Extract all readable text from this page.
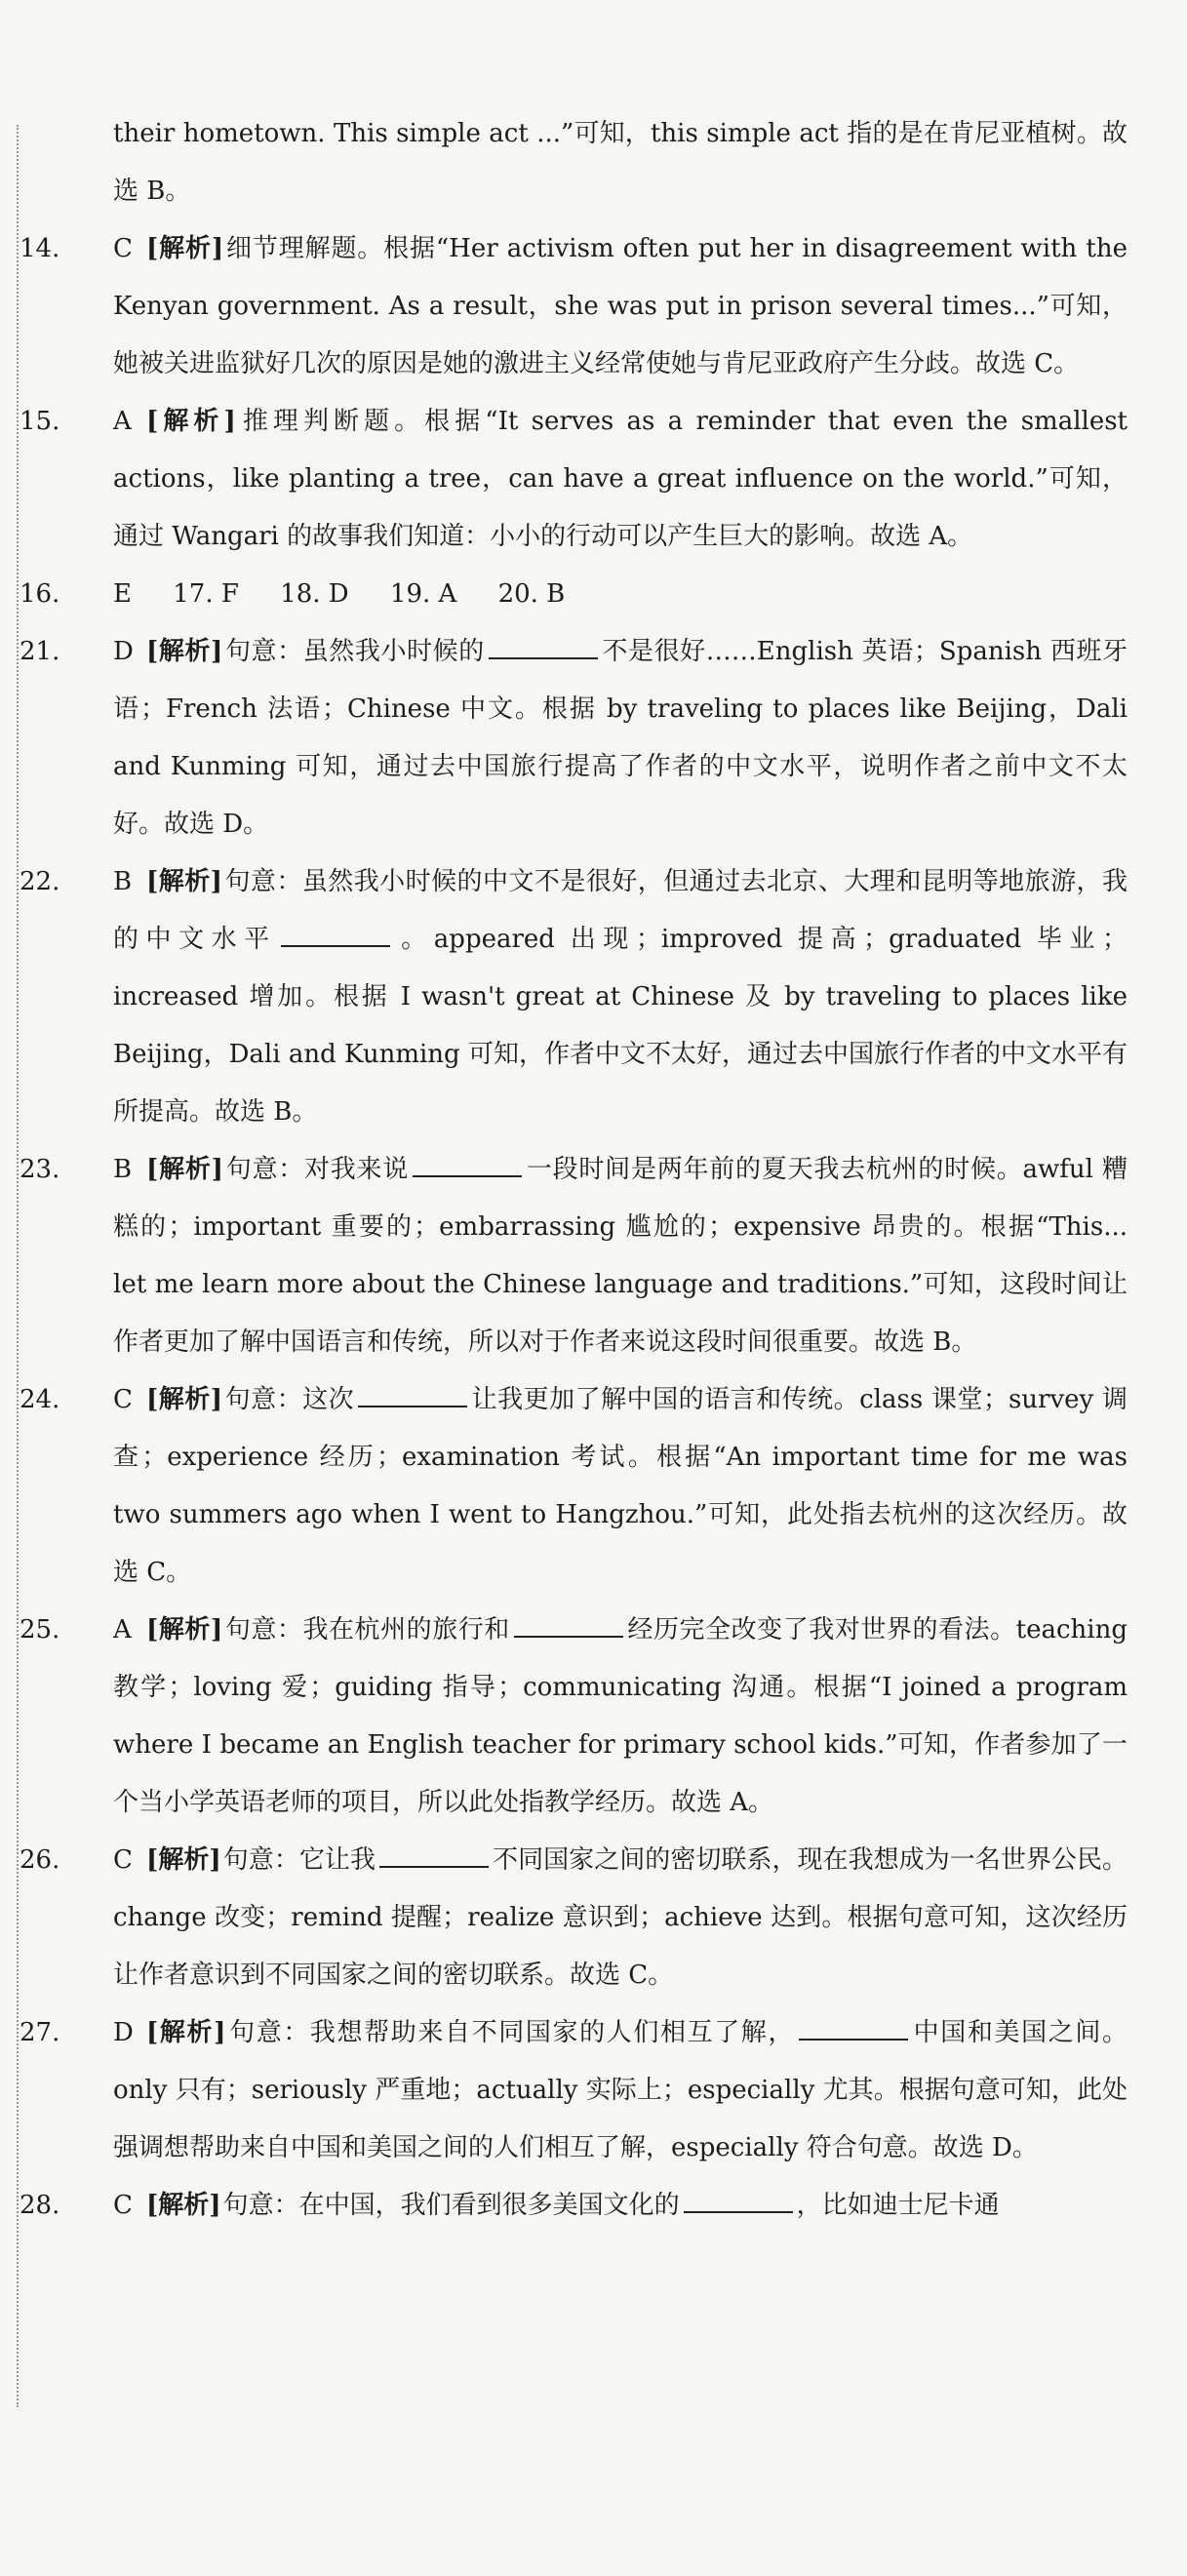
their hometown. This simple act ...”可知，this simple act 指的是在肯尼亚植树。故选 B。
14.	C [解析]细节理解题。根据“Her activism often put her in disagreement with the Kenyan government. As a result，she was put in prison several times...”可知，她被关进监狱好几次的原因是她的激进主义经常使她与肯尼亚政府产生分歧。故选 C。
15.	A [解析]推理判断题。根据“It serves as a reminder that even the smallest actions，like planting a tree，can have a great influence on the world.”可知，通过 Wangari 的故事我们知道：小小的行动可以产生巨大的影响。故选 A。
16.	E 17. F 18. D 19. A 20. B
21.	D [解析]句意：虽然我小时候的	不是很好……English 英语；Spanish 西班牙语；French 法语；Chinese 中文。根据 by traveling to places like Beijing，Dali and Kunming 可知，通过去中国旅行提高了作者的中文水平，说明作者之前中文不太好。故选 D。
22.	B [解析]句意：虽然我小时候的中文不是很好，但通过去北京、大理和昆明等地旅游，我的中文水平	。appeared 出现；improved 提高；graduated 毕业；increased 增加。根据 I wasn't great at Chinese 及 by traveling to places like Beijing，Dali and Kunming 可知，作者中文不太好，通过去中国旅行作者的中文水平有所提高。故选 B。
23.	B [解析]句意：对我来说	一段时间是两年前的夏天我去杭州的时候。awful 糟糕的；important 重要的；embarrassing 尴尬的；expensive 昂贵的。根据“This... let me learn more about the Chinese language and traditions.”可知，这段时间让作者更加了解中国语言和传统，所以对于作者来说这段时间很重要。故选 B。
24.	C [解析]句意：这次	让我更加了解中国的语言和传统。class 课堂；survey 调查；experience 经历；examination 考试。根据“An important time for me was two summers ago when I went to Hangzhou.”可知，此处指去杭州的这次经历。故选 C。
25.	A [解析]句意：我在杭州的旅行和	经历完全改变了我对世界的看法。teaching 教学；loving 爱；guiding 指导；communicating 沟通。根据“I joined a program where I became an English teacher for primary school kids.”可知，作者参加了一个当小学英语老师的项目，所以此处指教学经历。故选 A。
26.	C [解析]句意：它让我	不同国家之间的密切联系，现在我想成为一名世界公民。change 改变；remind 提醒；realize 意识到；achieve 达到。根据句意可知，这次经历让作者意识到不同国家之间的密切联系。故选 C。
27.	D [解析]句意：我想帮助来自不同国家的人们相互了解，	中国和美国之间。only 只有；seriously 严重地；actually 实际上；especially 尤其。根据句意可知，此处强调想帮助来自中国和美国之间的人们相互了解，especially 符合句意。故选 D。
28.	C [解析]句意：在中国，我们看到很多美国文化的	，比如迪士尼卡通
